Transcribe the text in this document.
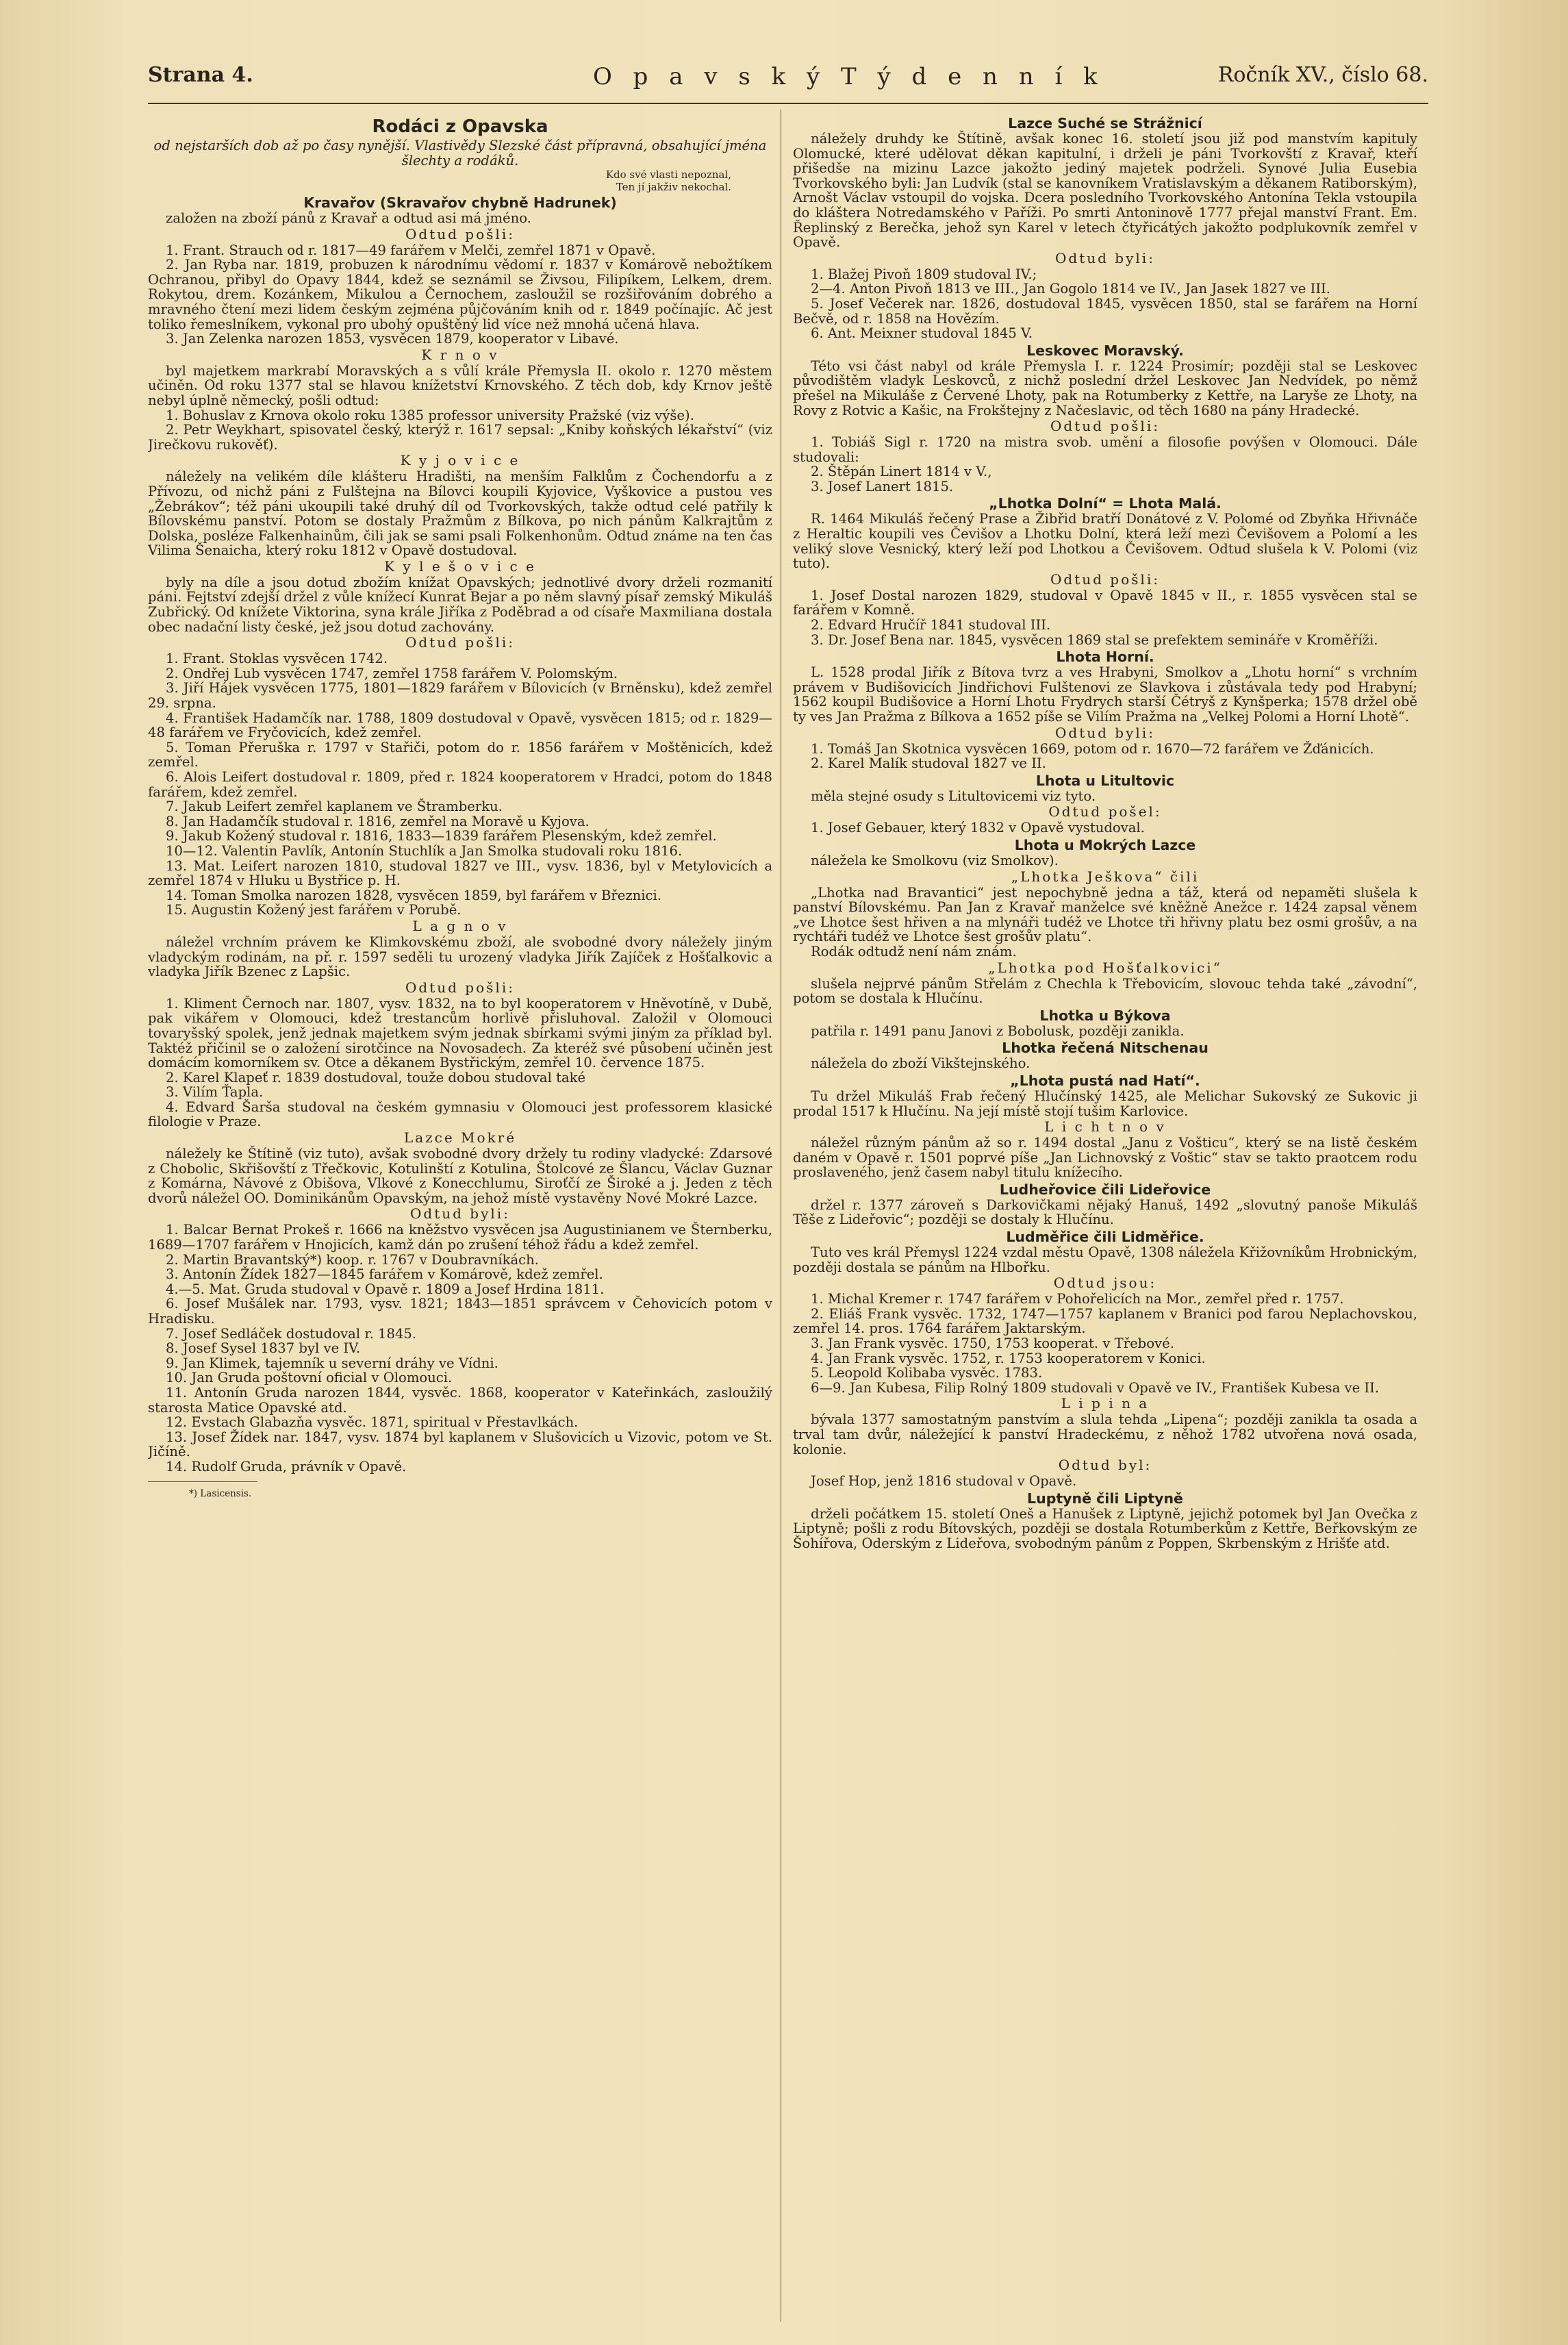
Strana 4.	O p a v s k ý T ý d e n n í k	Ročník XV., číslo 68.
Rodáci z Opavska
od nejstarších dob až po časy nynější. Vlastivědy Slezské část přípravná, obsahující jména šlechty a rodáků.
Kdo své vlasti nepoznal,
Ten jí jakživ nekochal.
Kravařov (Skravařov chybně Hadrunek)

založen na zboží pánů z Kravař a odtud asi má jméno.

Odtud pošli:

1. Frant. Strauch od r. 1817—49 farářem v Melči, zemřel 1871 v Opavě.

2. Jan Ryba nar. 1819, probuzen k národnímu vědomí r. 1837 v Komárově nebožtíkem Ochranou, přibyl do Opavy 1844, kdež se seznámil se Živsou, Filipíkem, Lelkem, drem. Rokytou, drem. Kozánkem, Mikulou a Černochem, zasloužil se rozšiřováním dobrého a mravného čtení mezi lidem českým zejména půjčováním knih od r. 1849 počínajíc. Ač jest toliko řemeslníkem, vykonal pro ubohý opuštěný lid více než mnohá učená hlava.

3. Jan Zelenka narozen 1853, vysvěcen 1879, kooperator v Libavé.

K r n o v

byl majetkem markrabí Moravských a s vůlí krále Přemysla II. okolo r. 1270 městem učiněn. Od roku 1377 stal se hlavou knížetství Krnovského. Z těch dob, kdy Krnov ještě nebyl úplně německý, pošli odtud:

1. Bohuslav z Krnova okolo roku 1385 professor university Pražské (viz výše).

2. Petr Weykhart, spisovatel český, kterýž r. 1617 sepsal: „Kniby koňských lékařství“ (viz Jirečkovu rukověť).

K y j o v i c e

náležely na velikém díle klášteru Hradišti, na menším Falklům z Čochendorfu a z Přívozu, od nichž páni z Fulštejna na Bílovci koupili Kyjovice, Vyškovice a pustou ves „Žebrákov“; též páni ukoupili také druhý díl od Tvorkovských, takže odtud celé patřily k Bílovskému panství. Potom se dostaly Pražmům z Bílkova, po nich pánům Kalkrajtům z Dolska, posléze Falkenhainům, čili jak se sami psali Folkenhonům. Odtud známe na ten čas Vilima Šenaicha, který roku 1812 v Opavě dostudoval.

K y l e š o v i c e

byly na díle a jsou dotud zbožím knížat Opavských; jednotlivé dvory drželi rozmanití páni. Fejtství zdejší držel z vůle knížecí Kunrat Bejar a po něm slavný písař zemský Mikuláš Zubřický. Od knížete Viktorina, syna krále Jiříka z Poděbrad a od císaře Maxmiliana dostala obec nadační listy české, jež jsou dotud zachovány.

Odtud pošli:

1. Frant. Stoklas vysvěcen 1742.

2. Ondřej Lub vysvěcen 1747, zemřel 1758 farářem V. Polomským.

3. Jiří Hájek vysvěcen 1775, 1801—1829 farářem v Bílovicích (v Brněnsku), kdež zemřel 29. srpna.

4. František Hadamčík nar. 1788, 1809 dostudoval v Opavě, vysvěcen 1815; od r. 1829—48 farářem ve Fryčovicích, kdež zemřel.

5. Toman Přeruška r. 1797 v Stařiči, potom do r. 1856 farářem v Moštěnicích, kdež zemřel.

6. Alois Leifert dostudoval r. 1809, před r. 1824 kooperatorem v Hradci, potom do 1848 farářem, kdež zemřel.

7. Jakub Leifert zemřel kaplanem ve Štramberku.

8. Jan Hadamčík studoval r. 1816, zemřel na Moravě u Kyjova.

9. Jakub Kožený studoval r. 1816, 1833—1839 farářem Plesenským, kdež zemřel.

10—12. Valentin Pavlík, Antonín Stuchlík a Jan Smolka studovali roku 1816.

13. Mat. Leifert narozen 1810, studoval 1827 ve III., vysv. 1836, byl v Metylovicích a zemřel 1874 v Hluku u Bystřice p. H.

14. Toman Smolka narozen 1828, vysvěcen 1859, byl farářem v Březnici.

15. Augustin Kožený jest farářem v Porubě.

L a g n o v

náležel vrchním právem ke Klimkovskému zboží, ale svobodné dvory náležely jiným vladyckým rodinám, na př. r. 1597 seděli tu urozený vladyka Jiřík Zajíček z Hošťalkovic a vladyka Jiřík Bzenec z Lapšic.

Odtud pošli:

1. Kliment Černoch nar. 1807, vysv. 1832, na to byl kooperatorem v Hněvotíně, v Dubě, pak vikářem v Olomouci, kdež trestancům horlivě přisluhoval. Založil v Olomouci tovaryšský spolek, jenž jednak majetkem svým jednak sbírkami svými jiným za příklad byl. Taktéž přičinil se o založení sirotčince na Novosadech. Za kteréž své působení učiněn jest domácím komorníkem sv. Otce a děkanem Bystřickým, zemřel 10. července 1875.

2. Karel Klapeť r. 1839 dostudoval, touže dobou studoval také

3. Vilím Ťapla.

4. Edvard Šarša studoval na českém gymnasiu v Olomouci jest professorem klasické filologie v Praze.

Lazce Mokré

náležely ke Štítině (viz tuto), avšak svobodné dvory držely tu rodiny vladycké: Zdarsové z Chobolic, Skřišovští z Třečkovic, Kotulinští z Kotulina, Štolcové ze Šlancu, Václav Guznar z Komárna, Návové z Obišova, Vlkové z Konecchlumu, Siroťčí ze Široké a j. Jeden z těch dvorů náležel OO. Dominikánům Opavským, na jehož místě vystavěny Nové Mokré Lazce.

Odtud byli:

1. Balcar Bernat Prokeš r. 1666 na kněžstvo vysvěcen jsa Augustinianem ve Šternberku, 1689—1707 farářem v Hnojicích, kamž dán po zrušení téhož řádu a kdež zemřel.

2. Martin Bravantský*) koop. r. 1767 v Doubravníkách.

3. Antonín Žídek 1827—1845 farářem v Komárově, kdež zemřel.

4.—5. Mat. Gruda studoval v Opavě r. 1809 a Josef Hrdina 1811.

6. Josef Mušálek nar. 1793, vysv. 1821; 1843—1851 správcem v Čehovicích potom v Hradisku.

7. Josef Sedláček dostudoval r. 1845.

8. Josef Sysel 1837 byl ve IV.

9. Jan Klimek, tajemník u severní dráhy ve Vídni.

10. Jan Gruda poštovní oficial v Olomouci.

11. Antonín Gruda narozen 1844, vysvěc. 1868, kooperator v Kateřinkách, zasloužilý starosta Matice Opavské atd.

12. Evstach Glabazňa vysvěc. 1871, spiritual v Přestavlkách.

13. Josef Žídek nar. 1847, vysv. 1874 byl kaplanem v Slušovicích u Vizovic, potom ve St. Jičíně.

14. Rudolf Gruda, právník v Opavě.

*) Lasicensis.
Lazce Suché se Strážnicí

náležely druhdy ke Štítině, avšak konec 16. století jsou již pod manstvím kapituly Olomucké, které udělovat děkan kapitulní, i drželi je páni Tvorkovští z Kravař, kteří přišedše na mizinu Lazce jakožto jediný majetek podrželi. Synové Julia Eusebia Tvorkovského byli: Jan Ludvík (stal se kanovníkem Vratislavským a děkanem Ratiborským), Arnošt Václav vstoupil do vojska. Dcera posledního Tvorkovského Antonína Tekla vstoupila do kláštera Notredamského v Paříži. Po smrti Antoninově 1777 přejal manství Frant. Em. Řeplinský z Berečka, jehož syn Karel v letech čtyřicátých jakožto podplukovník zemřel v Opavě.

Odtud byli:

1. Blažej Pivoň 1809 studoval IV.;

2—4. Anton Pivoň 1813 ve III., Jan Gogolo 1814 ve IV., Jan Jasek 1827 ve III.

5. Josef Večerek nar. 1826, dostudoval 1845, vysvěcen 1850, stal se farářem na Horní Bečvě, od r. 1858 na Hovězím.

6. Ant. Meixner studoval 1845 V.

Leskovec Moravský.

Této vsi část nabyl od krále Přemysla I. r. 1224 Prosimír; později stal se Leskovec původištěm vladyk Leskovců, z nichž poslední držel Leskovec Jan Nedvídek, po němž přešel na Mikuláše z Červené Lhoty, pak na Rotumberky z Kettře, na Laryše ze Lhoty, na Rovy z Rotvic a Kašic, na Frokštejny z Načeslavic, od těch 1680 na pány Hradecké.

Odtud pošli:

1. Tobiáš Sigl r. 1720 na mistra svob. umění a filosofie povýšen v Olomouci. Dále studovali:

2. Štěpán Linert 1814 v V.,

3. Josef Lanert 1815.

„Lhotka Dolní“ = Lhota Malá.

R. 1464 Mikuláš řečený Prase a Žibřid bratří Donátové z V. Polomé od Zbyňka Hřivnáče z Heraltic koupili ves Čevišov a Lhotku Dolní, která leží mezi Čevišovem a Polomí a les veliký slove Vesnický, který leží pod Lhotkou a Čevišovem. Odtud slušela k V. Polomi (viz tuto).

Odtud pošli:

1. Josef Dostal narozen 1829, studoval v Opavě 1845 v II., r. 1855 vysvěcen stal se farářem v Komně.

2. Edvard Hručíř 1841 studoval III.

3. Dr. Josef Bena nar. 1845, vysvěcen 1869 stal se prefektem semináře v Kroměříži.

Lhota Horní.

L. 1528 prodal Jiřík z Bítova tvrz a ves Hrabyni, Smolkov a „Lhotu horní“ s vrchním právem v Budišovicích Jindřichovi Fulštenovi ze Slavkova i zůstávala tedy pod Hrabyní; 1562 koupil Budišovice a Horní Lhotu Frydrych starší Čétryš z Kynšperka; 1578 držel obě ty ves Jan Pražma z Bílkova a 1652 píše se Vilím Pražma na „Velkej Polomi a Horní Lhotě“.

Odtud byli:

1. Tomáš Jan Skotnica vysvěcen 1669, potom od r. 1670—72 farářem ve Žďánicích.

2. Karel Malík studoval 1827 ve II.

Lhota u Litultovic

měla stejné osudy s Litultovicemi viz tyto.

Odtud pošel:

1. Josef Gebauer, který 1832 v Opavě vystudoval.

Lhota u Mokrých Lazce

náležela ke Smolkovu (viz Smolkov).

„Lhotka Ješkova“ čili

„Lhotka nad Bravantici“ jest nepochybně jedna a táž, která od nepaměti slušela k panství Bílovskému. Pan Jan z Kravař manželce své kněžně Anežce r. 1424 zapsal věnem „ve Lhotce šest hřiven a na mlynáři tudéž ve Lhotce tři hřivny platu bez osmi grošův, a na rychtáři tudéž ve Lhotce šest grošův platu“.

Rodák odtudž není nám znám.

„Lhotka pod Hošťalkovici“

slušela nejprvé pánům Střelám z Chechla k Třebovicím, slovouc tehda také „závodní“, potom se dostala k Hlučínu.

Lhotka u Býkova

patřila r. 1491 panu Janovi z Bobolusk, později zanikla.

Lhotka řečená Nitschenau

náležela do zboží Vikštejnského.

„Lhota pustá nad Hatí“.

Tu držel Mikuláš Frab řečený Hlučínský 1425, ale Melichar Sukovský ze Sukovic ji prodal 1517 k Hlučínu. Na její místě stojí tušim Karlovice.

L i c h t n o v

náležel různým pánům až so r. 1494 dostal „Janu z Vošticu“, který se na listě českém daném v Opavě r. 1501 poprvé píše „Jan Lichnovský z Voštic“ stav se takto praotcem rodu proslaveného, jenž časem nabyl titulu knížecího.

Ludheřovice čili Lideřovice

držel r. 1377 zároveň s Darkovičkami nějaký Hanuš, 1492 „slovutný panoše Mikuláš Těše z Lideřovic“; později se dostaly k Hlučínu.

Ludměřice čili Lidměřice.

Tuto ves král Přemysl 1224 vzdal městu Opavě, 1308 náležela Křižovníkům Hrobnickým, později dostala se pánům na Hlbořku.

Odtud jsou:

1. Michal Kremer r. 1747 farářem v Pohořelicích na Mor., zemřel před r. 1757.

2. Eliáš Frank vysvěc. 1732, 1747—1757 kaplanem v Branici pod farou Neplachovskou, zemřel 14. pros. 1764 farářem Jaktarským.

3. Jan Frank vysvěc. 1750, 1753 kooperat. v Třebové.

4. Jan Frank vysvěc. 1752, r. 1753 kooperatorem v Konici.

5. Leopold Kolibaba vysvěc. 1783.

6—9. Jan Kubesa, Filip Rolný 1809 studovali v Opavě ve IV., František Kubesa ve II.

L i p i n a

bývala 1377 samostatným panstvím a slula tehda „Lipena“; později zanikla ta osada a trval tam dvůr, náležející k panství Hradeckému, z něhož 1782 utvořena nová osada, kolonie.

Odtud byl:

Josef Hop, jenž 1816 studoval v Opavě.

Luptyně čili Liptyně

drželi počátkem 15. století Oneš a Hanušek z Liptyně, jejichž potomek byl Jan Ovečka z Liptyně; pošli z rodu Bítovských, později se dostala Rotumberkům z Kettře, Beřkovským ze Šohířova, Oderským z Lideřova, svobodným pánům z Poppen, Skrbenským z Hrišťe atd.
